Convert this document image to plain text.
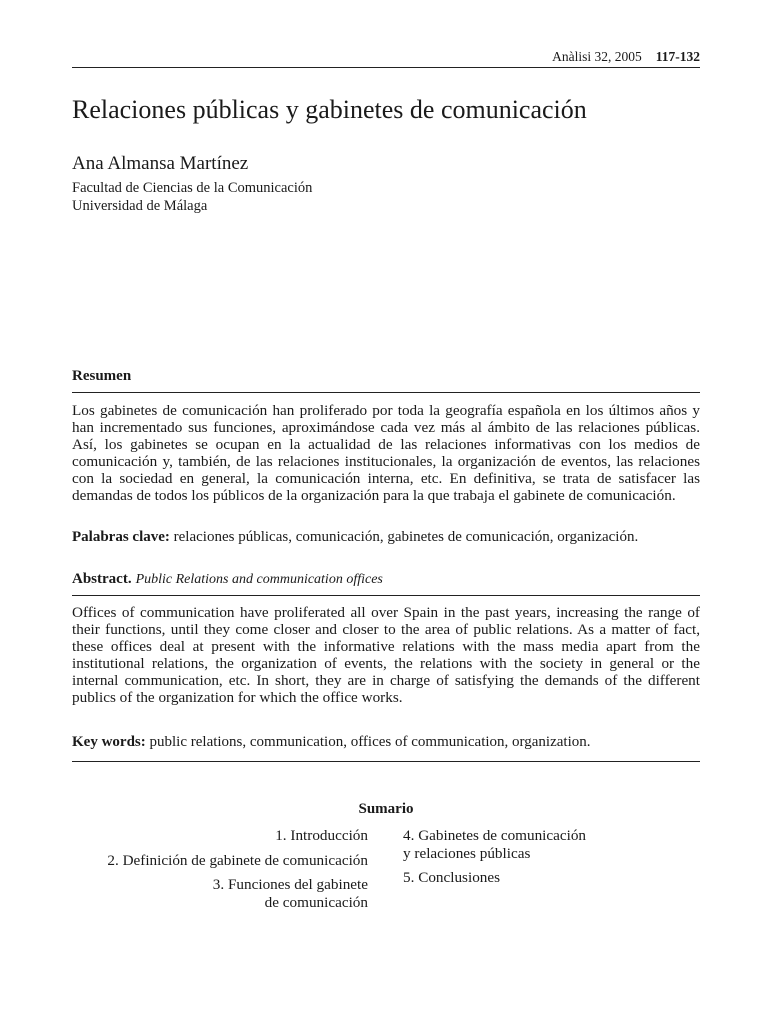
Anàlisi 32, 2005 117-132
Relaciones públicas y gabinetes de comunicación
Ana Almansa Martínez
Facultad de Ciencias de la Comunicación
Universidad de Málaga
Resumen

Los gabinetes de comunicación han proliferado por toda la geografía española en los últimos años y han incrementado sus funciones, aproximándose cada vez más al ámbito de las relaciones públicas. Así, los gabinetes se ocupan en la actualidad de las relaciones informativas con los medios de comunicación y, también, de las relaciones institucionales, la organización de eventos, las relaciones con la sociedad en general, la comunicación interna, etc. En definitiva, se trata de satisfacer las demandas de todos los públicos de la organización para la que trabaja el gabinete de comunicación.

Palabras clave: relaciones públicas, comunicación, gabinetes de comunicación, organización.
Abstract. Public Relations and communication offices

Offices of communication have proliferated all over Spain in the past years, increasing the range of their functions, until they come closer and closer to the area of public relations. As a matter of fact, these offices deal at present with the informative relations with the mass media apart from the institutional relations, the organization of events, the relations with the society in general or the internal communication, etc. In short, they are in charge of satisfying the demands of the different publics of the organization for which the office works.

Key words: public relations, communication, offices of communication, organization.
Sumario
1. Introducción
2. Definición de gabinete de comunicación
3. Funciones del gabinete
de comunicación
4. Gabinetes de comunicación
y relaciones públicas
5. Conclusiones
